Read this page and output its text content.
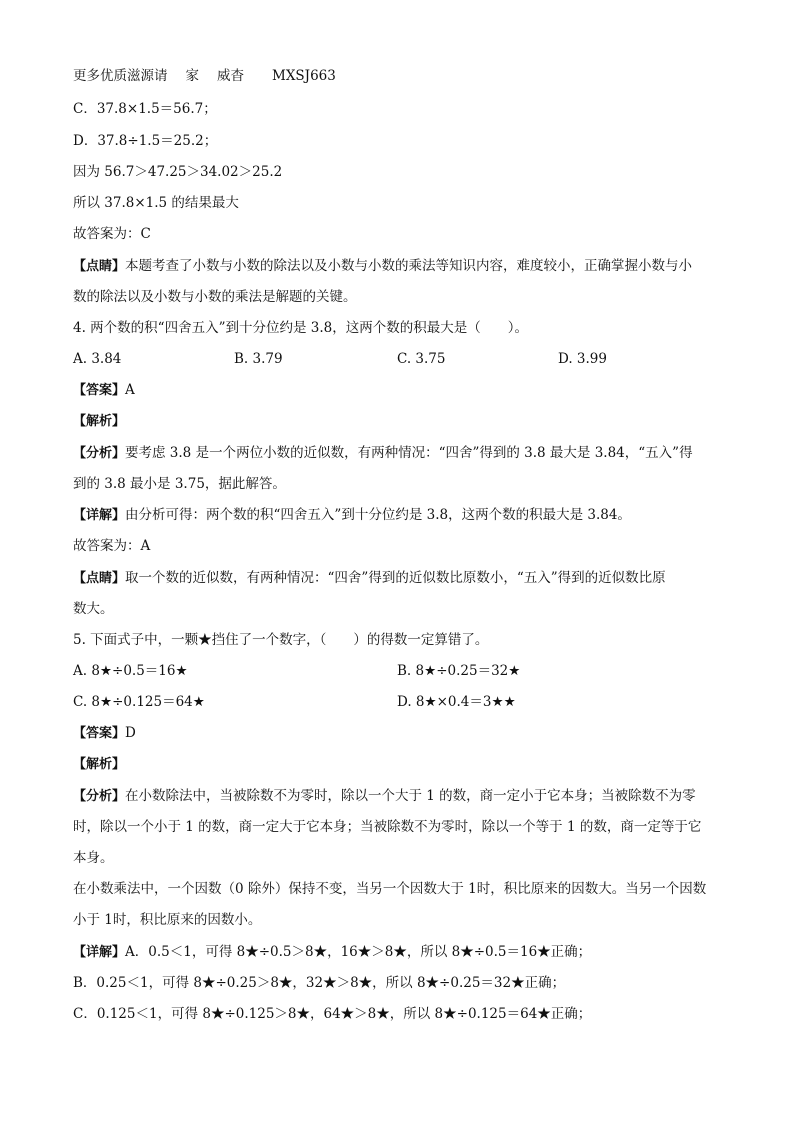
更多优质滋源请 家 威杳 MXSJ663
C．37.8×1.5＝56.7；
D．37.8÷1.5＝25.2；
因为 56.7＞47.25＞34.02＞25.2
所以 37.8×1.5 的结果最大
故答案为：C
【点睛】本题考查了小数与小数的除法以及小数与小数的乘法等知识内容，难度较小，正确掌握小数与小
数的除法以及小数与小数的乘法是解题的关键。
4. 两个数的积“四舍五入”到十分位约是 3.8，这两个数的积最大是（　　）。
A. 3.84	B. 3.79	C. 3.75	D. 3.99
【答案】A
【解析】
【分析】要考虑 3.8 是一个两位小数的近似数，有两种情况：“四舍”得到的 3.8 最大是 3.84，“五入”得
到的 3.8 最小是 3.75，据此解答。
【详解】由分析可得：两个数的积“四舍五入”到十分位约是 3.8，这两个数的积最大是 3.84。
故答案为：A
【点睛】取一个数的近似数，有两种情况：“四舍”得到的近似数比原数小，“五入”得到的近似数比原
数大。
5. 下面式子中，一颗★挡住了一个数字，（　　）的得数一定算错了。
A. 8★÷0.5＝16★	B. 8★÷0.25＝32★
C. 8★÷0.125＝64★	D. 8★×0.4＝3★★
【答案】D
【解析】
【分析】在小数除法中，当被除数不为零时，除以一个大于 1 的数，商一定小于它本身；当被除数不为零
时，除以一个小于 1 的数，商一定大于它本身；当被除数不为零时，除以一个等于 1 的数，商一定等于它
本身。
在小数乘法中，一个因数（0 除外）保持不变，当另一个因数大于 1时，积比原来的因数大。当另一个因数
小于 1时，积比原来的因数小。
【详解】A．0.5＜1，可得 8★÷0.5＞8★，16★＞8★，所以 8★÷0.5＝16★正确；
B．0.25＜1，可得 8★÷0.25＞8★，32★＞8★，所以 8★÷0.25＝32★正确；
C．0.125＜1，可得 8★÷0.125＞8★，64★＞8★，所以 8★÷0.125＝64★正确；
